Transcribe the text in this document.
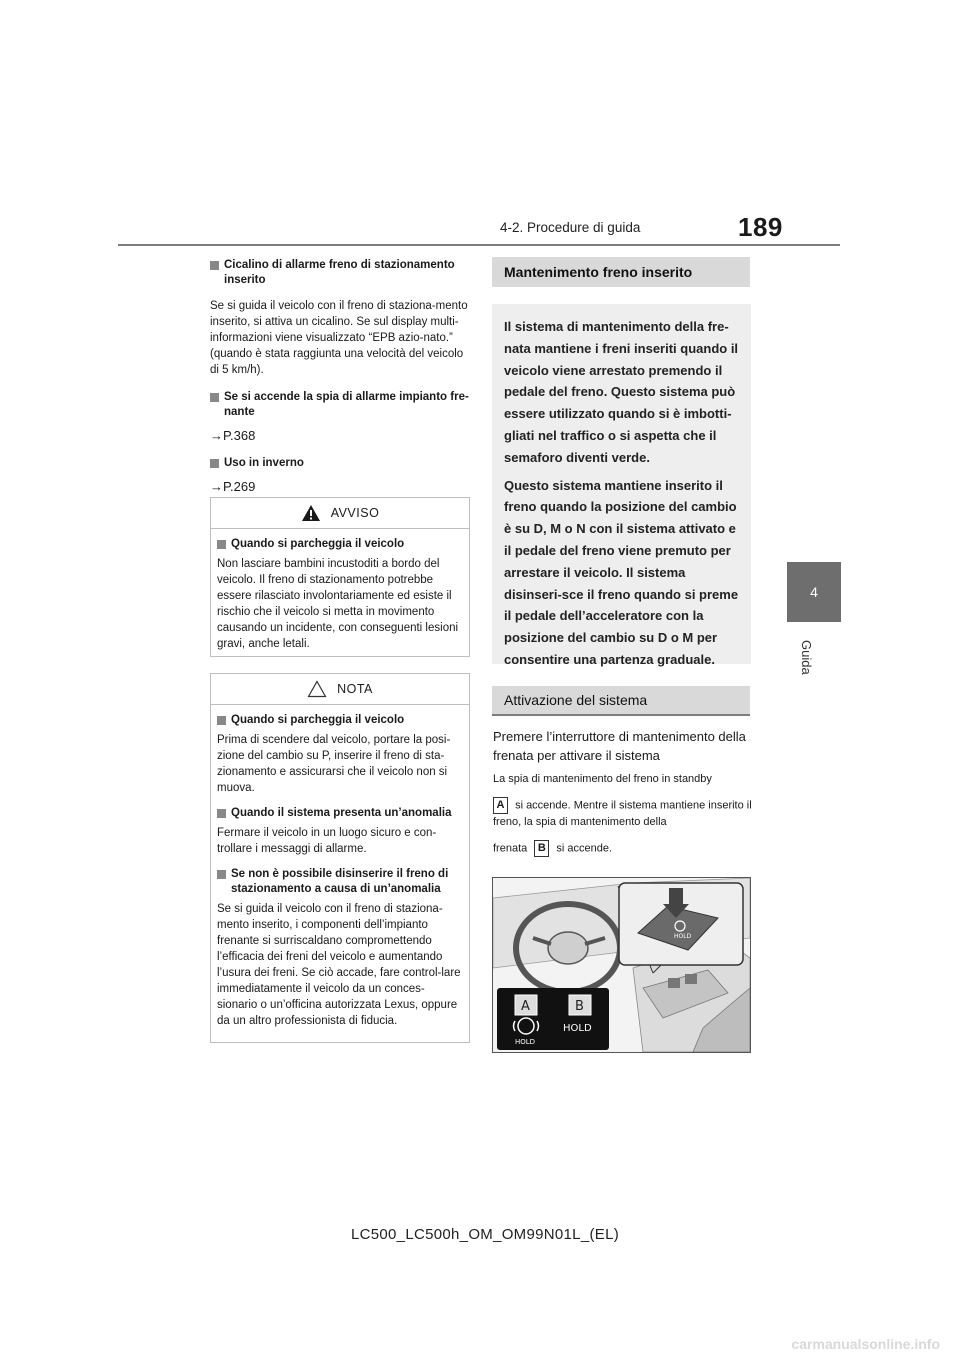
4-2. Procedure di guida	189
4
Guida
Cicalino di allarme freno di stazionamento inserito

Se si guida il veicolo con il freno di staziona-mento inserito, si attiva un cicalino. Se sul display multi-informazioni viene visualizzato “EPB azio-nato.” (quando è stata raggiunta una velocità del veicolo di 5 km/h).

Se si accende la spia di allarme impianto fre-nante
→P.368
Uso in inverno
→P.269
AVVISO
Quando si parcheggia il veicolo

Non lasciare bambini incustoditi a bordo del veicolo. Il freno di stazionamento potrebbe essere rilasciato involontariamente ed esiste il rischio che il veicolo si metta in movimento causando un incidente, con conseguenti lesioni gravi, anche letali.

NOTA
Quando si parcheggia il veicolo

Prima di scendere dal veicolo, portare la posi-zione del cambio su P, inserire il freno di sta-zionamento e assicurarsi che il veicolo non si muova.

Quando il sistema presenta un’anomalia

Fermare il veicolo in un luogo sicuro e con-trollare i messaggi di allarme.

Se non è possibile disinserire il freno di stazionamento a causa di un’anomalia

Se si guida il veicolo con il freno di staziona-mento inserito, i componenti dell’impianto frenante si surriscaldano compromettendo l’efficacia dei freni del veicolo e aumentando l’usura dei freni. Se ciò accade, fare control-lare immediatamente il veicolo da un conces-sionario o un’officina autorizzata Lexus, oppure da un altro professionista di fiducia.

Mantenimento freno inserito

Il sistema di mantenimento della fre-nata mantiene i freni inseriti quando il veicolo viene arrestato premendo il pedale del freno. Questo sistema può essere utilizzato quando si è imbotti-gliati nel traffico o si aspetta che il semaforo diventi verde.

Questo sistema mantiene inserito il freno quando la posizione del cambio è su D, M o N con il sistema attivato e il pedale del freno viene premuto per arrestare il veicolo. Il sistema disinseri-sce il freno quando si preme il pedale dell’acceleratore con la posizione del cambio su D o M per consentire una partenza graduale.

Attivazione del sistema
Premere l’interruttore di mantenimento della frenata per attivare il sistema
La spia di mantenimento del freno in standby
A si accende. Mentre il sistema mantiene inserito il freno, la spia di mantenimento della
frenata B si accende.
HOLD
A	B
HOLD
HOLD
LC500_LC500h_OM_OM99N01L_(EL)
carmanualsonline.info
